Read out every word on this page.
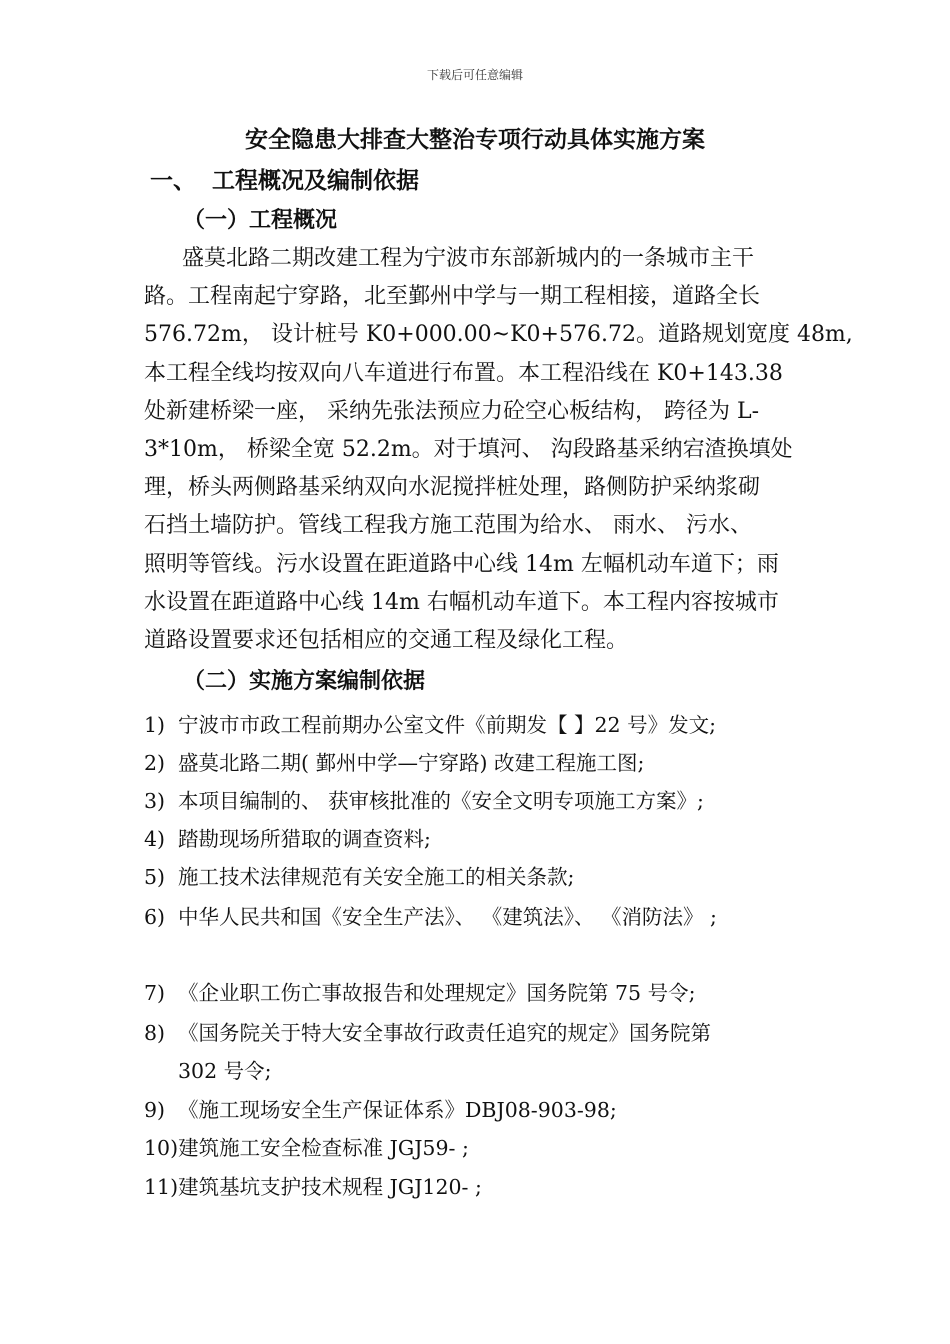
下载后可任意编辑
安全隐患大排查大整治专项行动具体实施方案
一、 工程概况及编制依据
（一）工程概况
盛莫北路二期改建工程为宁波市东部新城内的一条城市主干
路。工程南起宁穿路，北至鄞州中学与一期工程相接，道路全长
576.72m， 设计桩号 K0+000.00~K0+576.72。道路规划宽度 48m,
本工程全线均按双向八车道进行布置。本工程沿线在 K0+143.38
处新建桥梁一座， 采纳先张法预应力砼空心板结构， 跨径为 L-
3*10m， 桥梁全宽 52.2m。对于填河、 沟段路基采纳宕渣换填处
理，桥头两侧路基采纳双向水泥搅拌桩处理，路侧防护采纳浆砌
石挡土墙防护。管线工程我方施工范围为给水、 雨水、 污水、
照明等管线。污水设置在距道路中心线 14m 左幅机动车道下；雨
水设置在距道路中心线 14m 右幅机动车道下。本工程内容按城市
道路设置要求还包括相应的交通工程及绿化工程。
（二）实施方案编制依据
1) 宁波市市政工程前期办公室文件《前期发【 】22 号》发文;
2) 盛莫北路二期( 鄞州中学—宁穿路) 改建工程施工图;
3) 本项目编制的、 获审核批准的《安全文明专项施工方案》;
4) 踏勘现场所猎取的调查资料;
5) 施工技术法律规范有关安全施工的相关条款;
6) 中华人民共和国《安全生产法》、 《建筑法》、 《消防法》 ;
7) 《企业职工伤亡事故报告和处理规定》国务院第 75 号令;
8) 《国务院关于特大安全事故行政责任追究的规定》国务院第
302 号令;
9) 《施工现场安全生产保证体系》DBJ08-903-98;
10)建筑施工安全检查标准 JGJ59- ;
11)建筑基坑支护技术规程 JGJ120- ;
